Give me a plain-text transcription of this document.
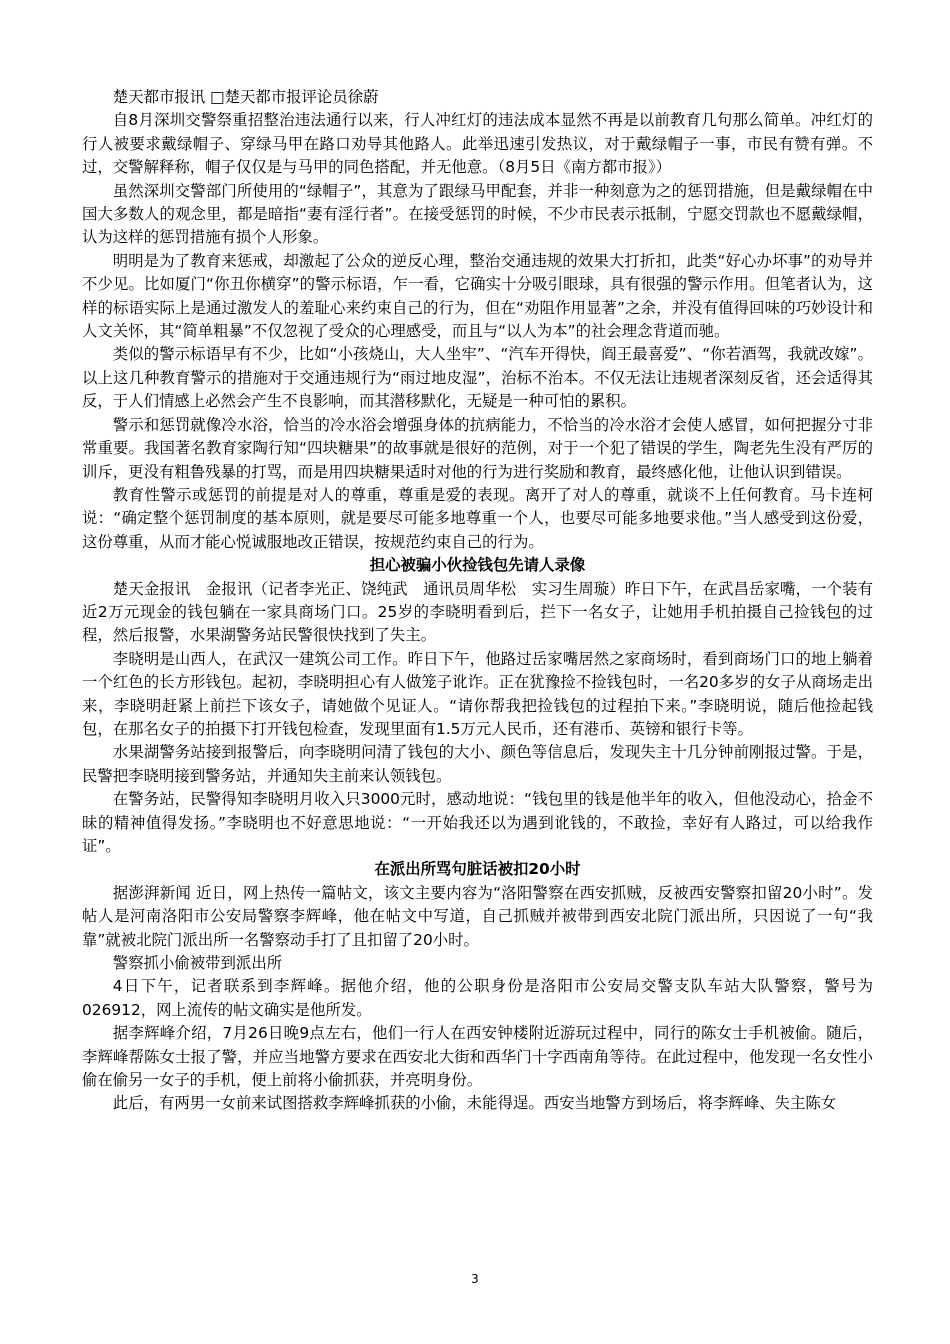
楚天都市报讯 □楚天都市报评论员徐蔚

自8月深圳交警祭重招整治违法通行以来，行人冲红灯的违法成本显然不再是以前教育几句那么简单。冲红灯的行人被要求戴绿帽子、穿绿马甲在路口劝导其他路人。此举迅速引发热议，对于戴绿帽子一事，市民有赞有弹。不过，交警解释称，帽子仅仅是与马甲的同色搭配，并无他意。（8月5日《南方都市报》）

虽然深圳交警部门所使用的“绿帽子”，其意为了跟绿马甲配套，并非一种刻意为之的惩罚措施，但是戴绿帽在中国大多数人的观念里，都是暗指“妻有淫行者”。在接受惩罚的时候，不少市民表示抵制，宁愿交罚款也不愿戴绿帽，认为这样的惩罚措施有损个人形象。

明明是为了教育来惩戒，却激起了公众的逆反心理，整治交通违规的效果大打折扣，此类“好心办坏事”的劝导并不少见。比如厦门“你丑你横穿”的警示标语，乍一看，它确实十分吸引眼球，具有很强的警示作用。但笔者认为，这样的标语实际上是通过激发人的羞耻心来约束自己的行为，但在“劝阻作用显著”之余，并没有值得回味的巧妙设计和人文关怀，其“简单粗暴”不仅忽视了受众的心理感受，而且与“以人为本”的社会理念背道而驰。

类似的警示标语早有不少，比如“小孩烧山，大人坐牢”、“汽车开得快，阎王最喜爱”、“你若酒驾，我就改嫁”。以上这几种教育警示的措施对于交通违规行为“雨过地皮湿”，治标不治本。不仅无法让违规者深刻反省，还会适得其反，于人们情感上必然会产生不良影响，而其潜移默化，无疑是一种可怕的累积。

警示和惩罚就像冷水浴，恰当的冷水浴会增强身体的抗病能力，不恰当的冷水浴才会使人感冒，如何把握分寸非常重要。我国著名教育家陶行知“四块糖果”的故事就是很好的范例，对于一个犯了错误的学生，陶老先生没有严厉的训斥，更没有粗鲁残暴的打骂，而是用四块糖果适时对他的行为进行奖励和教育，最终感化他，让他认识到错误。

教育性警示或惩罚的前提是对人的尊重，尊重是爱的表现。离开了对人的尊重，就谈不上任何教育。马卡连柯说：“确定整个惩罚制度的基本原则，就是要尽可能多地尊重一个人，也要尽可能多地要求他。”当人感受到这份爱，这份尊重，从而才能心悦诚服地改正错误，按规范约束自己的行为。

担心被骗小伙捡钱包先请人录像

楚天金报讯　金报讯（记者李光正、饶纯武　通讯员周华松　实习生周璇）昨日下午，在武昌岳家嘴，一个装有近2万元现金的钱包躺在一家具商场门口。25岁的李晓明看到后，拦下一名女子，让她用手机拍摄自己捡钱包的过程，然后报警，水果湖警务站民警很快找到了失主。

李晓明是山西人，在武汉一建筑公司工作。昨日下午，他路过岳家嘴居然之家商场时，看到商场门口的地上躺着一个红色的长方形钱包。起初，李晓明担心有人做笼子讹诈。正在犹豫捡不捡钱包时，一名20多岁的女子从商场走出来，李晓明赶紧上前拦下该女子，请她做个见证人。“请你帮我把捡钱包的过程拍下来。”李晓明说，随后他捡起钱包，在那名女子的拍摄下打开钱包检查，发现里面有1.5万元人民币，还有港币、英镑和银行卡等。

水果湖警务站接到报警后，向李晓明问清了钱包的大小、颜色等信息后，发现失主十几分钟前刚报过警。于是，民警把李晓明接到警务站，并通知失主前来认领钱包。

在警务站，民警得知李晓明月收入只3000元时，感动地说：“钱包里的钱是他半年的收入，但他没动心，拾金不昧的精神值得发扬。”李晓明也不好意思地说：“一开始我还以为遇到讹钱的，不敢捡，幸好有人路过，可以给我作证”。

在派出所骂句脏话被扣20小时

据澎湃新闻 近日，网上热传一篇帖文，该文主要内容为“洛阳警察在西安抓贼，反被西安警察扣留20小时”。发帖人是河南洛阳市公安局警察李辉峰，他在帖文中写道，自己抓贼并被带到西安北院门派出所，只因说了一句“我靠”就被北院门派出所一名警察动手打了且扣留了20小时。

警察抓小偷被带到派出所

4日下午，记者联系到李辉峰。据他介绍，他的公职身份是洛阳市公安局交警支队车站大队警察，警号为026912，网上流传的帖文确实是他所发。

据李辉峰介绍，7月26日晚9点左右，他们一行人在西安钟楼附近游玩过程中，同行的陈女士手机被偷。随后，李辉峰帮陈女士报了警，并应当地警方要求在西安北大街和西华门十字西南角等待。在此过程中，他发现一名女性小偷在偷另一女子的手机，便上前将小偷抓获，并亮明身份。

此后，有两男一女前来试图搭救李辉峰抓获的小偷，未能得逞。西安当地警方到场后，将李辉峰、失主陈女

3
